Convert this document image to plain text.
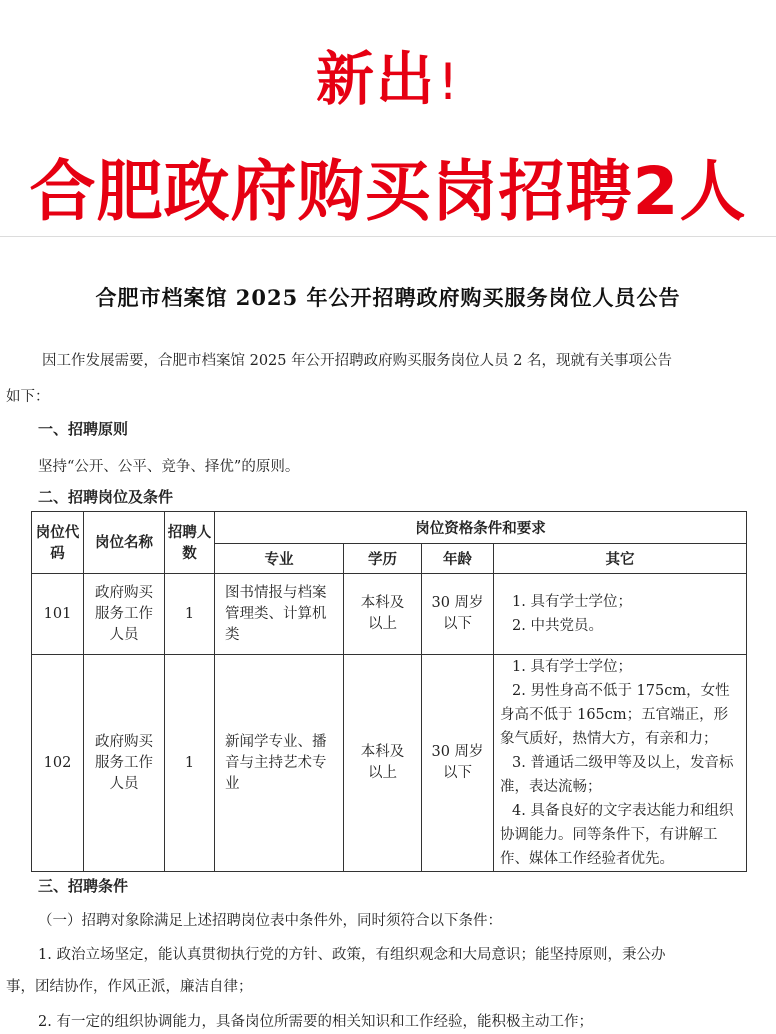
新出!
合肥政府购买岗招聘2人
合肥市档案馆 2025 年公开招聘政府购买服务岗位人员公告
因工作发展需要，合肥市档案馆 2025 年公开招聘政府购买服务岗位人员 2 名，现就有关事项公告
如下：
一、招聘原则
坚持“公开、公平、竞争、择优”的原则。
二、招聘岗位及条件
岗位代码	岗位名称	招聘人数	岗位资格条件和要求			
			专业	学历	年龄	其它
101	政府购买服务工作人员	1	图书情报与档案管理类、计算机类	本科及以上	30 周岁以下	1. 具有学士学位；
2. 中共党员。

102	政府购买服务工作人员	1	新闻学专业、播音与主持艺术专业	本科及以上	30 周岁以下	1. 具有学士学位；
2. 男性身高不低于 175cm，女性身高不低于 165cm；五官端正，形象气质好，热情大方，有亲和力；
3. 普通话二级甲等及以上，发音标准，表达流畅；
4. 具备良好的文字表达能力和组织协调能力。同等条件下，有讲解工作、媒体工作经验者优先。
三、招聘条件
（一）招聘对象除满足上述招聘岗位表中条件外，同时须符合以下条件：
1. 政治立场坚定，能认真贯彻执行党的方针、政策，有组织观念和大局意识；能坚持原则，秉公办
事，团结协作，作风正派，廉洁自律；
2. 有一定的组织协调能力，具备岗位所需要的相关知识和工作经验，能积极主动工作；
